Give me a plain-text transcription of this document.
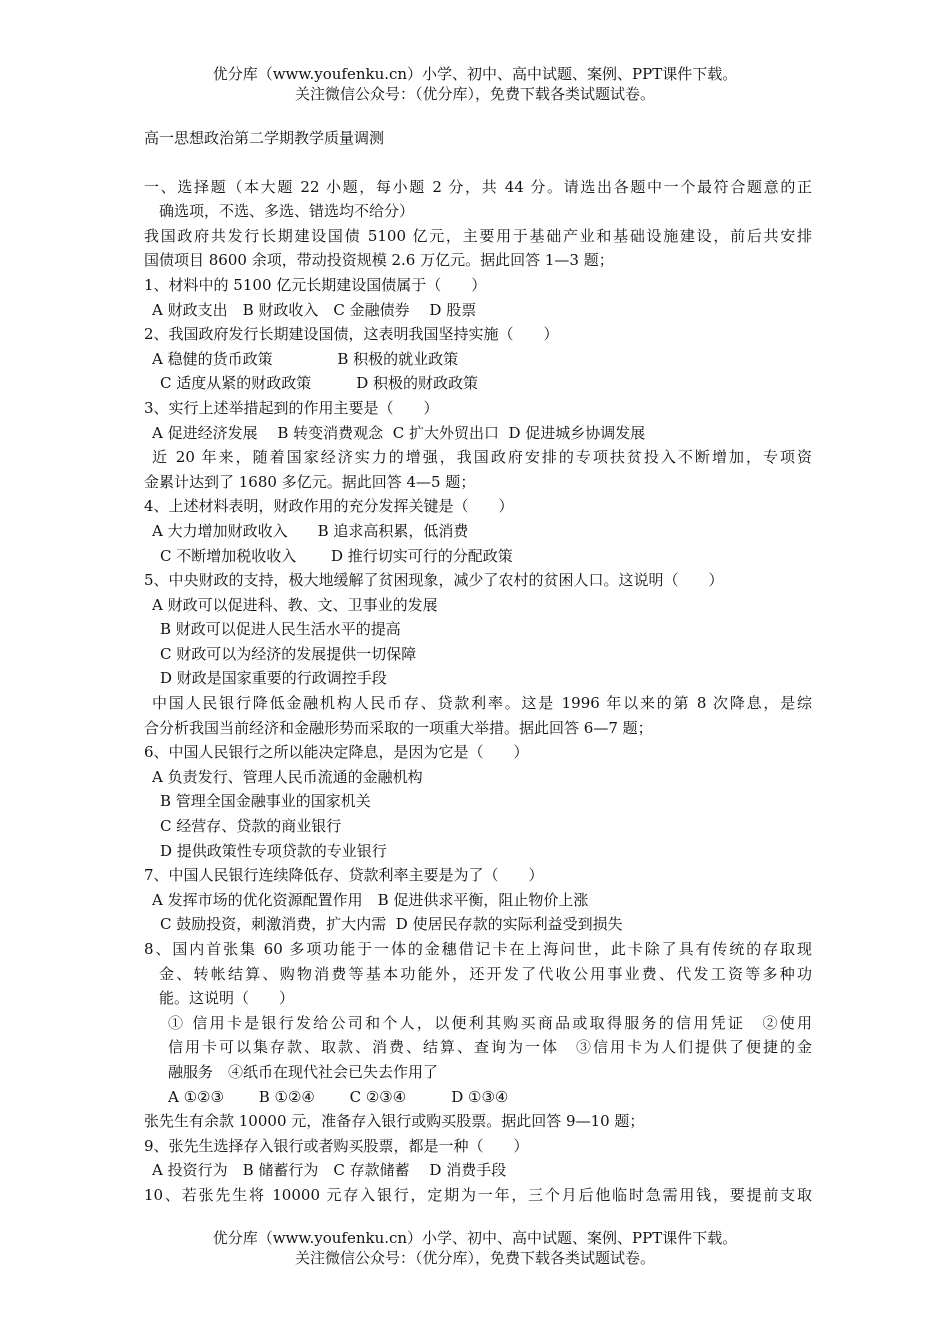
优分库（www.youfenku.cn）小学、初中、高中试题、案例、PPT课件下载。
关注微信公众号：（优分库），免费下载各类试题试卷。
高一思想政治第二学期教学质量调测
一、选择题（本大题 22 小题，每小题 2 分，共 44 分。请选出各题中一个最符合题意的正
确选项，不选、多选、错选均不给分）
我国政府共发行长期建设国债 5100 亿元，主要用于基础产业和基础设施建设，前后共安排
国债项目 8600 余项，带动投资规模 2.6 万亿元。据此回答 1—3 题；
1、材料中的 5100 亿元长期建设国债属于（　　）
A 财政支出　B 财政收入　C 金融债券　 D 股票
2、我国政府发行长期建设国债，这表明我国坚持实施（　　）
A 稳健的货币政策　　　　 B 积极的就业政策
C 适度从紧的财政政策　　　D 积极的财政政策
3、实行上述举措起到的作用主要是（　　）
A 促进经济发展　 B 转变消费观念  C 扩大外贸出口  D 促进城乡协调发展
近 20 年来，随着国家经济实力的增强，我国政府安排的专项扶贫投入不断增加，专项资
金累计达到了 1680 多亿元。据此回答 4—5 题；
4、上述材料表明，财政作用的充分发挥关键是（　　）
A 大力增加财政收入　　B 追求高积累，低消费
C 不断增加税收收入　　 D 推行切实可行的分配政策
5、中央财政的支持，极大地缓解了贫困现象，减少了农村的贫困人口。这说明（　　）
A 财政可以促进科、教、文、卫事业的发展
B 财政可以促进人民生活水平的提高
C 财政可以为经济的发展提供一切保障
D 财政是国家重要的行政调控手段
中国人民银行降低金融机构人民币存、贷款利率。这是 1996 年以来的第 8 次降息，是综
合分析我国当前经济和金融形势而采取的一项重大举措。据此回答 6—7 题；
6、中国人民银行之所以能决定降息，是因为它是（　　）
A 负责发行、管理人民币流通的金融机构
B 管理全国金融事业的国家机关
C 经营存、贷款的商业银行
D 提供政策性专项贷款的专业银行
7、中国人民银行连续降低存、贷款利率主要是为了（　　）
A 发挥市场的优化资源配置作用　B 促进供求平衡，阻止物价上涨
C 鼓励投资，刺激消费，扩大内需  D 使居民存款的实际利益受到损失
8、国内首张集 60 多项功能于一体的金穗借记卡在上海问世，此卡除了具有传统的存取现
金、转帐结算、购物消费等基本功能外，还开发了代收公用事业费、代发工资等多种功
能。这说明（　　）
① 信用卡是银行发给公司和个人，以便利其购买商品或取得服务的信用凭证　②使用
信用卡可以集存款、取款、消费、结算、查询为一体　③信用卡为人们提供了便捷的金
融服务　④纸币在现代社会已失去作用了
A ①②③　　 B ①②④　　 C ②③④　　　D ①③④
张先生有余款 10000 元，准备存入银行或购买股票。据此回答 9—10 题；
9、张先生选择存入银行或者购买股票，都是一种（　　）
A 投资行为　B 储蓄行为　C 存款储蓄　 D 消费手段
10、若张先生将 10000 元存入银行，定期为一年，三个月后他临时急需用钱，要提前支取
优分库（www.youfenku.cn）小学、初中、高中试题、案例、PPT课件下载。
关注微信公众号：（优分库），免费下载各类试题试卷。
